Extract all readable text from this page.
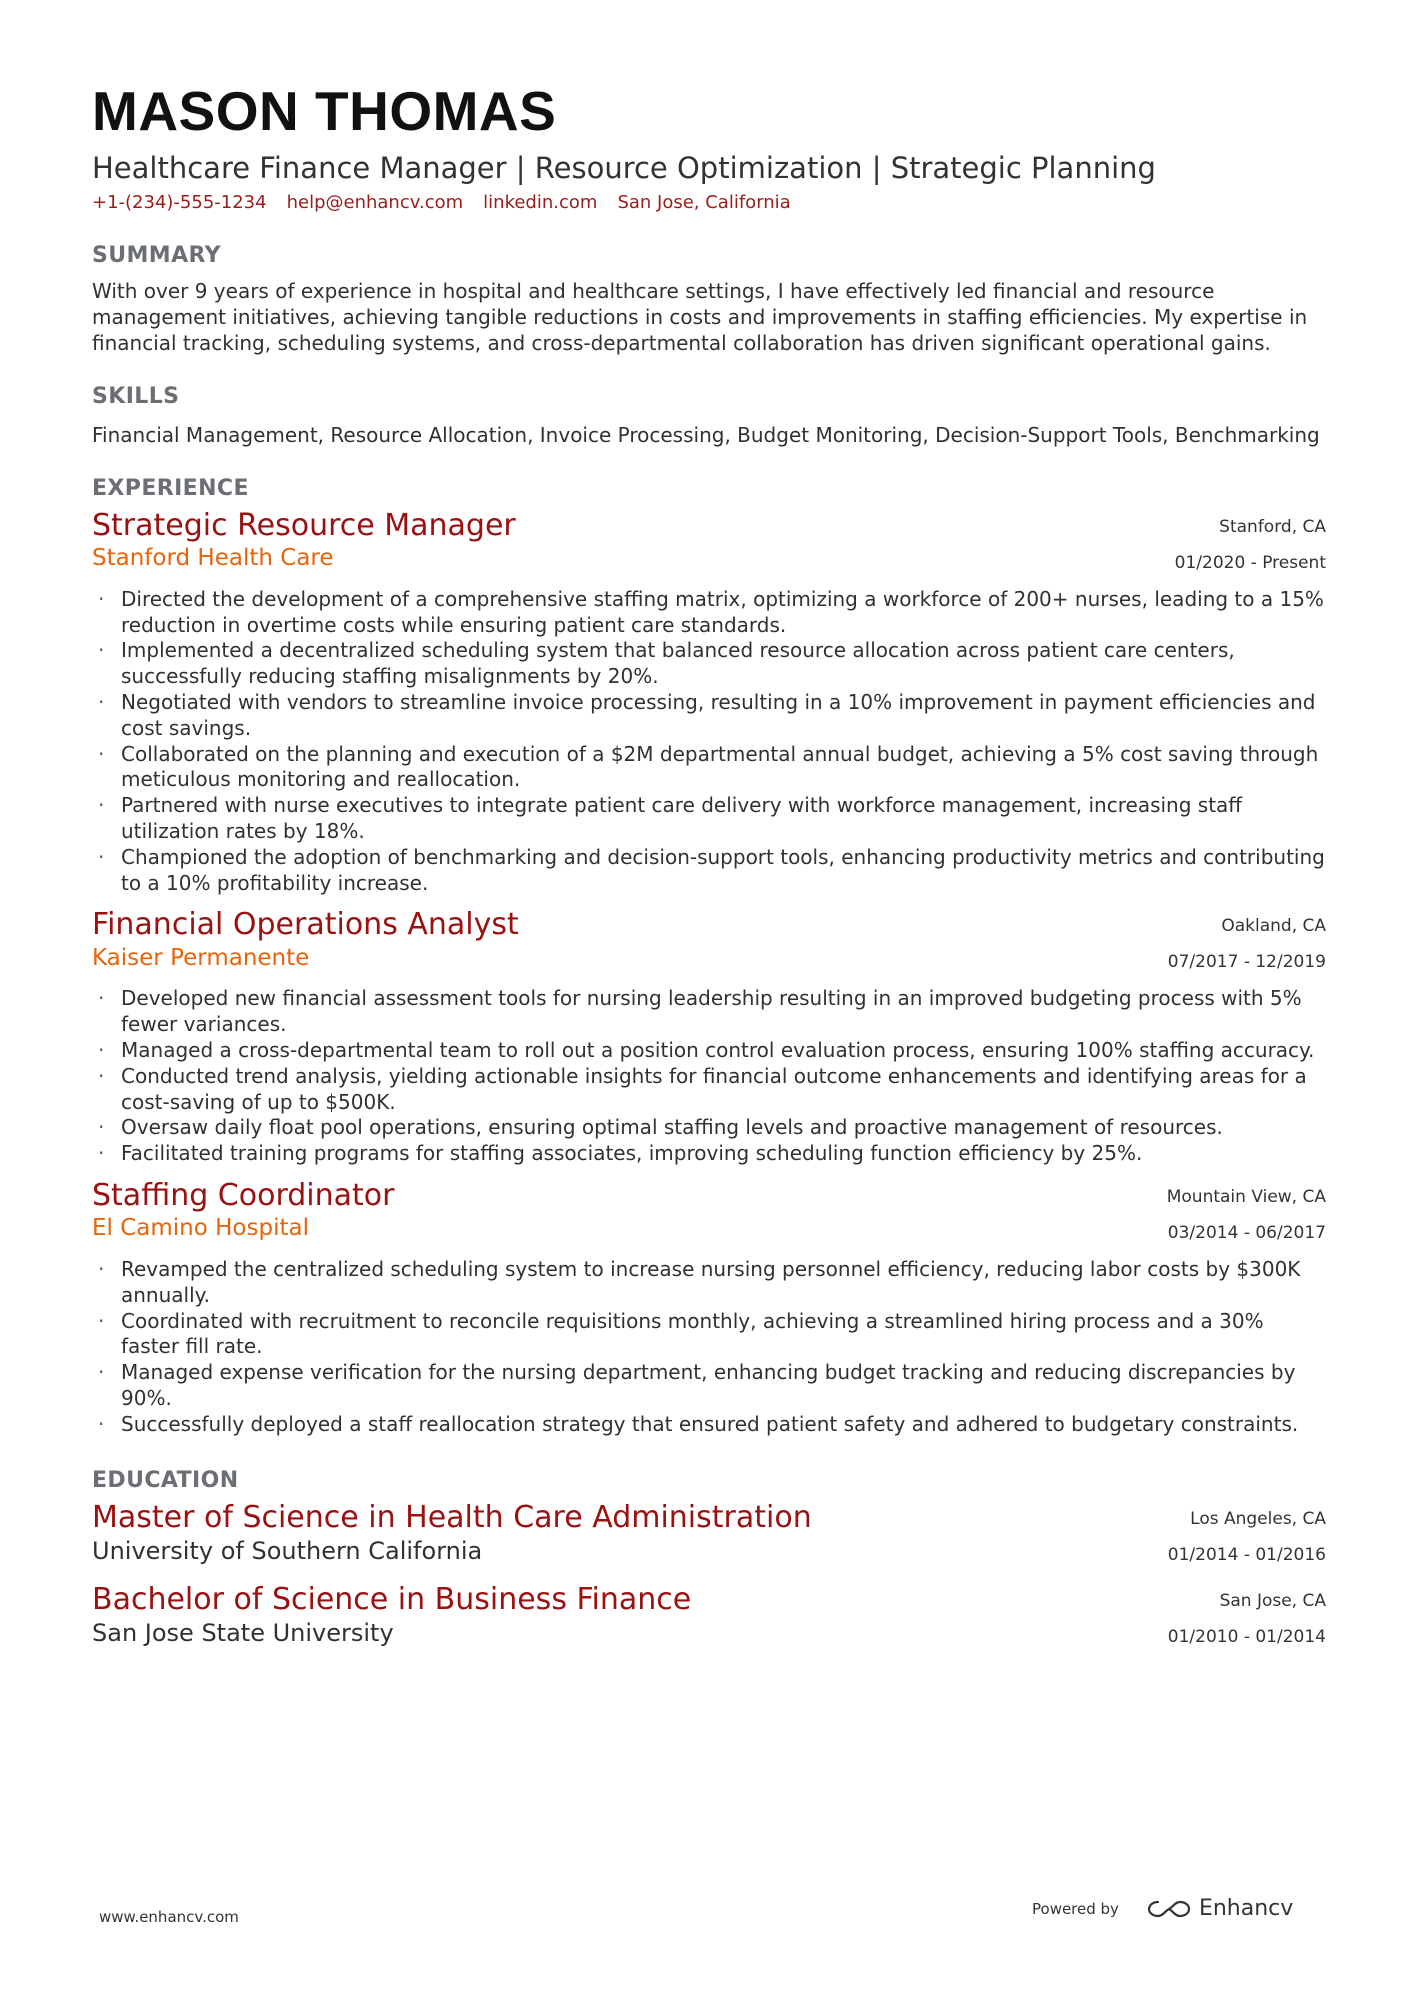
MASON THOMAS
Healthcare Finance Manager | Resource Optimization | Strategic Planning
+1-(234)-555-1234 help@enhancv.com linkedin.com San Jose, California
SUMMARY
With over 9 years of experience in hospital and healthcare settings, I have effectively led financial and resource management initiatives, achieving tangible reductions in costs and improvements in staffing efficiencies. My expertise in financial tracking, scheduling systems, and cross-departmental collaboration has driven significant operational gains.
SKILLS
Financial Management, Resource Allocation, Invoice Processing, Budget Monitoring, Decision-Support Tools, Benchmarking
EXPERIENCE
Strategic Resource Manager
Stanford Health Care
Stanford, CA
01/2020 - Present
· Directed the development of a comprehensive staffing matrix, optimizing a workforce of 200+ nurses, leading to a 15% reduction in overtime costs while ensuring patient care standards.
· Implemented a decentralized scheduling system that balanced resource allocation across patient care centers, successfully reducing staffing misalignments by 20%.
· Negotiated with vendors to streamline invoice processing, resulting in a 10% improvement in payment efficiencies and cost savings.
· Collaborated on the planning and execution of a $2M departmental annual budget, achieving a 5% cost saving through meticulous monitoring and reallocation.
· Partnered with nurse executives to integrate patient care delivery with workforce management, increasing staff utilization rates by 18%.
· Championed the adoption of benchmarking and decision-support tools, enhancing productivity metrics and contributing to a 10% profitability increase.
Financial Operations Analyst
Kaiser Permanente
Oakland, CA
07/2017 - 12/2019
· Developed new financial assessment tools for nursing leadership resulting in an improved budgeting process with 5% fewer variances.
· Managed a cross-departmental team to roll out a position control evaluation process, ensuring 100% staffing accuracy.
· Conducted trend analysis, yielding actionable insights for financial outcome enhancements and identifying areas for a cost-saving of up to $500K.
· Oversaw daily float pool operations, ensuring optimal staffing levels and proactive management of resources.
· Facilitated training programs for staffing associates, improving scheduling function efficiency by 25%.
Staffing Coordinator
El Camino Hospital
Mountain View, CA
03/2014 - 06/2017
· Revamped the centralized scheduling system to increase nursing personnel efficiency, reducing labor costs by $300K annually.
· Coordinated with recruitment to reconcile requisitions monthly, achieving a streamlined hiring process and a 30% faster fill rate.
· Managed expense verification for the nursing department, enhancing budget tracking and reducing discrepancies by 90%.
· Successfully deployed a staff reallocation strategy that ensured patient safety and adhered to budgetary constraints.
EDUCATION
Master of Science in Health Care Administration
University of Southern California
Los Angeles, CA
01/2014 - 01/2016
Bachelor of Science in Business Finance
San Jose State University
San Jose, CA
01/2010 - 01/2014
www.enhancv.com	Powered by	Enhancv
